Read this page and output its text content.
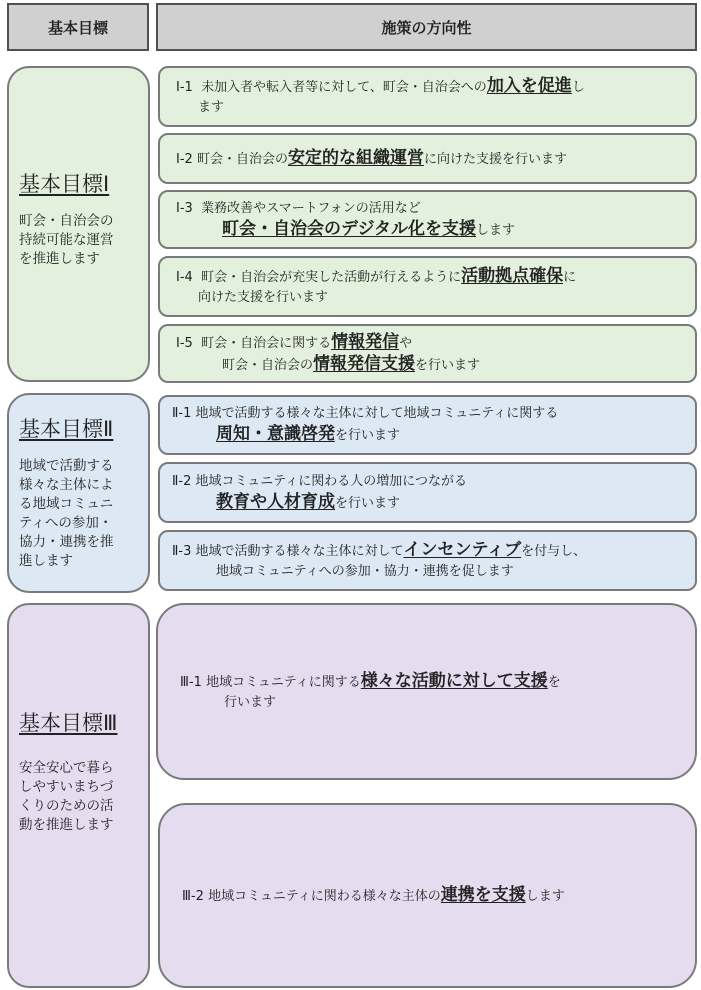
基本目標	施策の方向性
基本目標Ⅰ
町会・自治会の
持続可能な運営
を推進します
Ⅰ-1 未加入者や転入者等に対して、町会・自治会への加入を促進し
ます
Ⅰ-2 町会・自治会の安定的な組織運営に向けた支援を行います
Ⅰ-3 業務改善やスマートフォンの活用など
町会・自治会のデジタル化を支援します
Ⅰ-4 町会・自治会が充実した活動が行えるように活動拠点確保に
向けた支援を行います
Ⅰ-5 町会・自治会に関する情報発信や
町会・自治会の情報発信支援を行います
基本目標Ⅱ
地域で活動する
様々な主体によ
る地域コミュニ
ティへの参加・
協力・連携を推
進します
Ⅱ-1 地域で活動する様々な主体に対して地域コミュニティに関する
周知・意識啓発を行います
Ⅱ-2 地域コミュニティに関わる人の増加につながる
教育や人材育成を行います
Ⅱ-3 地域で活動する様々な主体に対してインセンティブを付与し、
地域コミュニティへの参加・協力・連携を促します
基本目標Ⅲ
安全安心で暮ら
しやすいまちづ
くりのための活
動を推進します
Ⅲ-1 地域コミュニティに関する様々な活動に対して支援を
行います
Ⅲ-2 地域コミュニティに関わる様々な主体の連携を支援します
